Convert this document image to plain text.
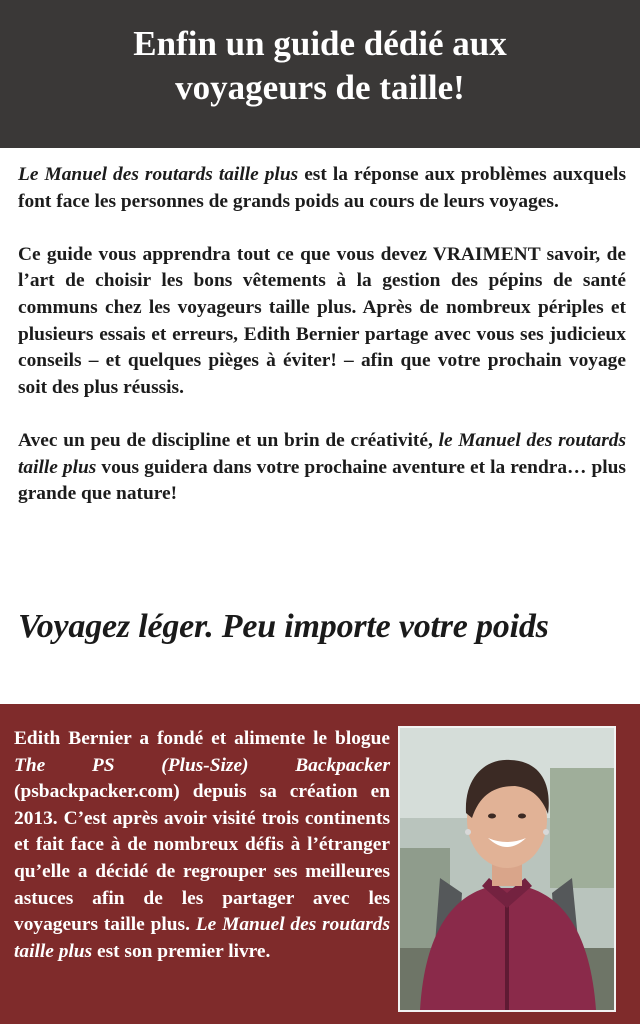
Enfin un guide dédié aux
voyageurs de taille!

Le Manuel des routards taille plus est la réponse aux problèmes auxquels font face les personnes de grands poids au cours de leurs voyages.

Ce guide vous apprendra tout ce que vous devez VRAIMENT savoir, de l’art de choisir les bons vêtements à la gestion des pépins de santé communs chez les voyageurs taille plus. Après de nombreux périples et plusieurs essais et erreurs, Edith Bernier partage avec vous ses judicieux conseils – et quelques pièges à éviter! – afin que votre prochain voyage soit des plus réussis.

Avec un peu de discipline et un brin de créativité, le Manuel des routards taille plus vous guidera dans votre prochaine aventure et la rendra… plus grande que nature!

Voyagez léger. Peu importe votre poids
Edith Bernier a fondé et alimente le blogue The PS (Plus-Size) Backpacker (psbackpacker.com) depuis sa création en 2013. C’est après avoir visité trois continents et fait face à de nombreux défis à l’étranger qu’elle a décidé de regrouper ses meilleures astuces afin de les partager avec les voyageurs taille plus. Le Manuel des routards taille plus est son premier livre.
